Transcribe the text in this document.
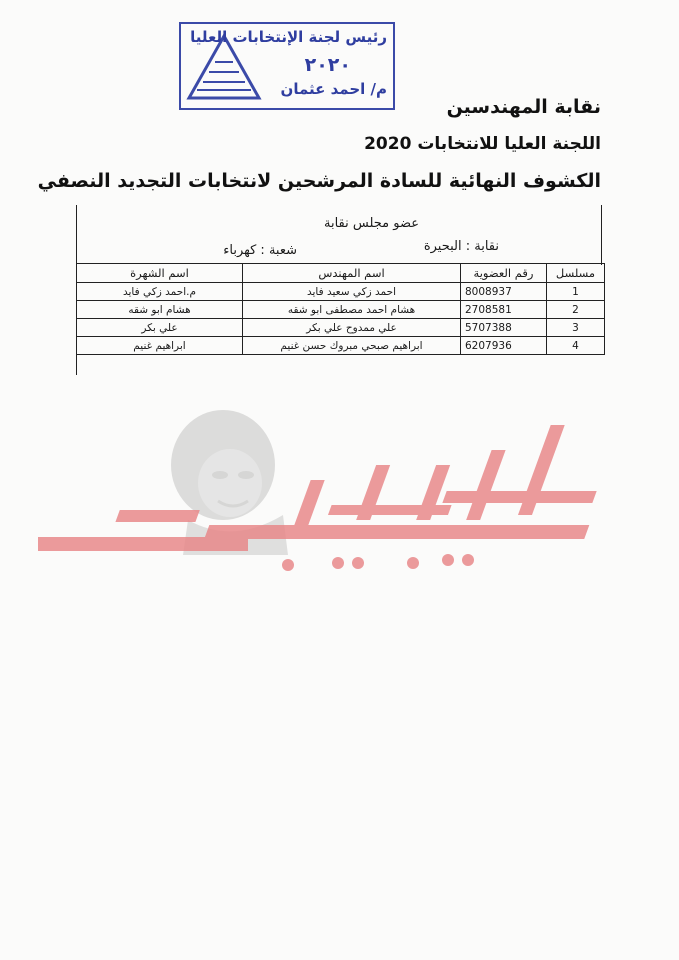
رئيس لجنة الإنتخابات العليا
٢٠٢٠
م/ احمد عثمان
نقابة المهندسين
اللجنة العليا للانتخابات 2020
الكشوف النهائية للسادة المرشحين لانتخابات التجديد النصفي
عضو مجلس نقابة
نقابة : البحيرة
شعبة : كهرباء
مسلسل	رقم العضوية	اسم المهندس	اسم الشهرة
1	8008937	احمد زكي سعيد فايد	م.احمد زكي فايد
2	2708581	هشام احمد مصطفى ابو شقه	هشام ابو شقه
3	5707388	علي ممدوح علي بكر	علي بكر
4	6207936	ابراهيم صبحي مبروك حسن غنيم	ابراهيم غنيم
